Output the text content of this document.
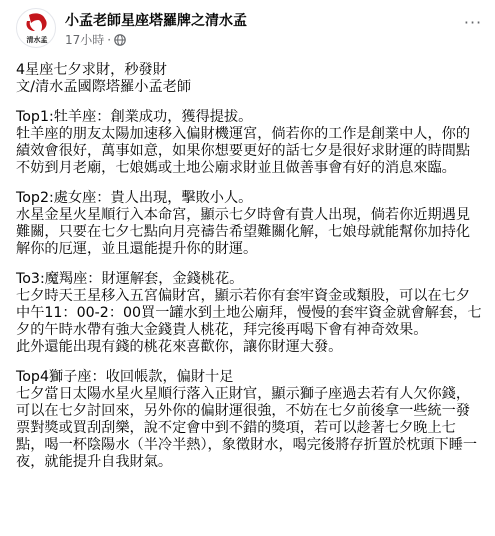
清水孟
小孟老師星座塔羅牌之清水孟
17小時 ·
···

4星座七夕求財，秒發財

文/清水孟國際塔羅小孟老師

Top1:牡羊座：創業成功，獲得提拔。

牡羊座的朋友太陽加速移入偏財機運宮，倘若你的工作是創業中人，你的績效會很好，萬事如意，如果你想要更好的話七夕是很好求財運的時間點不妨到月老廟，七娘媽或土地公廟求財並且做善事會有好的消息來臨。

Top2:處女座：貴人出現，擊敗小人。

水星金星火星順行入本命宮，顯示七夕時會有貴人出現，倘若你近期遇見難關，只要在七夕七點向月亮禱告希望難關化解，七娘母就能幫你加持化解你的厄運，並且還能提升你的財運。

To3:魔羯座：財運解套，金錢桃花。

七夕時天王星移入五宮偏財宮，顯示若你有套牢資金或類股，可以在七夕中午11：00-2：00買一罐水到土地公廟拜，慢慢的套牢資金就會解套，七夕的午時水帶有強大金錢貴人桃花，拜完後再喝下會有神奇效果。
此外還能出現有錢的桃花來喜歡你，讓你財運大發。

Top4獅子座：收回帳款，偏財十足

七夕當日太陽水星火星順行落入正財官，顯示獅子座過去若有人欠你錢，可以在七夕討回來，另外你的偏財運很強，不妨在七夕前後拿一些統一發票對獎或買刮刮樂，說不定會中到不錯的獎項，若可以趁著七夕晚上七點，喝一杯陰陽水（半冷半熱），象徵財水，喝完後將存折置於枕頭下睡一夜，就能提升自我財氣。
